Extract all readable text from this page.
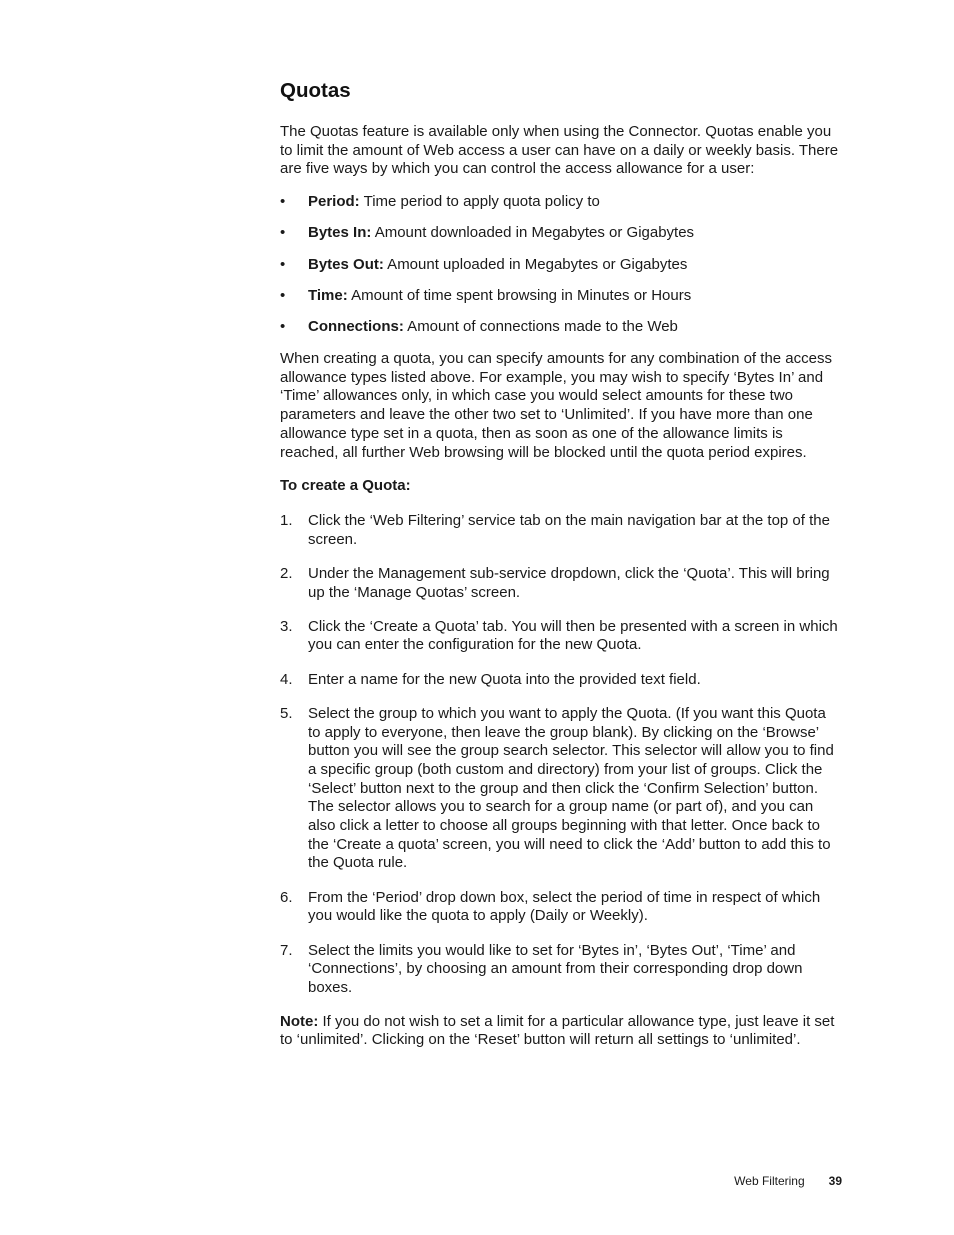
Quotas

The Quotas feature is available only when using the Connector. Quotas enable you to limit the amount of Web access a user can have on a daily or weekly basis. There are five ways by which you can control the access allowance for a user:

•	Period: Time period to apply quota policy to
•	Bytes In: Amount downloaded in Megabytes or Gigabytes
•	Bytes Out: Amount uploaded in Megabytes or Gigabytes
•	Time: Amount of time spent browsing in Minutes or Hours
•	Connections: Amount of connections made to the Web

When creating a quota, you can specify amounts for any combination of the access allowance types listed above. For example, you may wish to specify ‘Bytes In’ and ‘Time’ allowances only, in which case you would select amounts for these two parameters and leave the other two set to ‘Unlimited’. If you have more than one allowance type set in a quota, then as soon as one of the allowance limits is reached, all further Web browsing will be blocked until the quota period expires.

To create a Quota:
1.	Click the ‘Web Filtering’ service tab on the main navigation bar at the top of the screen.
2.	Under the Management sub-service dropdown, click the ‘Quota’. This will bring up the ‘Manage Quotas’ screen.
3.	Click the ‘Create a Quota’ tab. You will then be presented with a screen in which you can enter the configuration for the new Quota.
4.	Enter a name for the new Quota into the provided text field.
5.	Select the group to which you want to apply the Quota. (If you want this Quota to apply to everyone, then leave the group blank). By clicking on the ‘Browse’ button you will see the group search selector. This selector will allow you to find a specific group (both custom and directory) from your list of groups. Click the ‘Select’ button next to the group and then click the ‘Confirm Selection’ button. The selector allows you to search for a group name (or part of), and you can also click a letter to choose all groups beginning with that letter. Once back to the ‘Create a quota’ screen, you will need to click the ‘Add’ button to add this to the Quota rule.
6.	From the ‘Period’ drop down box, select the period of time in respect of which you would like the quota to apply (Daily or Weekly).
7.	Select the limits you would like to set for ‘Bytes in’, ‘Bytes Out’, ‘Time’ and ‘Connections’, by choosing an amount from their corresponding drop down boxes.

Note: If you do not wish to set a limit for a particular allowance type, just leave it set to ‘unlimited’. Clicking on the ‘Reset’ button will return all settings to ‘unlimited’.

Web Filtering 39
